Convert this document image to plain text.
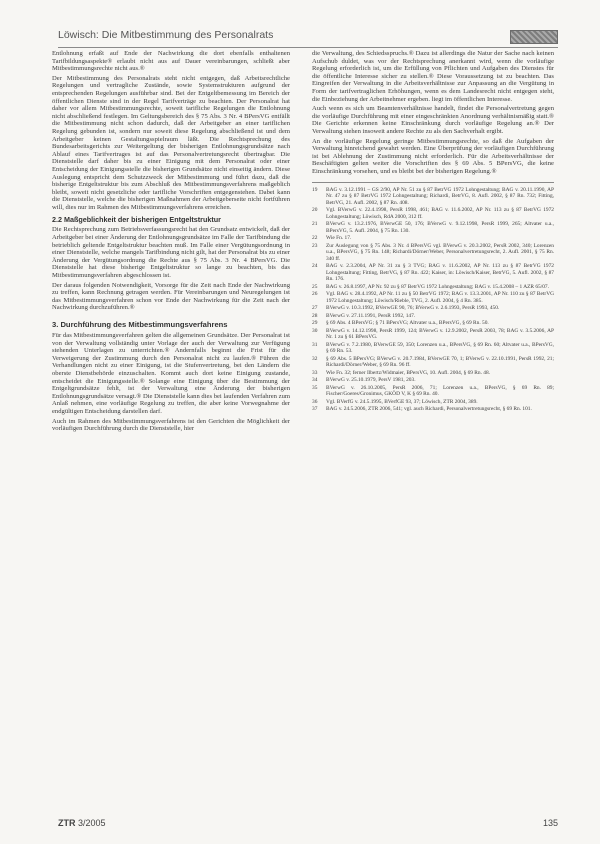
Löwisch: Die Mitbestimmung des Personalrats

Entlohnung erfaßt auf Ende der Nachwirkung die dort ebenfalls enthaltenen Tarifbildungsaspekte® erlaubt nicht aus auf Dauer vereinbarungen, schließt aber Mitbestimmungsrechte nicht aus.®

Der Mitbestimmung des Personalrats steht nicht entgegen, daß Arbeitsrechtliche Regelungen und vertragliche Zustände, sowie Systemstrukturen aufgrund der entsprechenden Regelungen ausführbar sind. Bei der Entgeltbemessung im Bereich der öffentlichen Dienste sind in der Regel Tarifverträge zu beachten. Der Personalrat hat daher vor allem Mitbestimmungsrechte, soweit tarifliche Regelungen die Entlohnung nicht abschließend festlegen. Im Geltungsbereich des § 75 Abs. 3 Nr. 4 BPersVG entfällt die Mitbestimmung nicht schon dadurch, daß der Arbeitgeber an einer tariflichen Regelung gebunden ist, sondern nur soweit diese Regelung abschließend ist und dem Arbeitgeber keinen Gestaltungsspielraum läßt. Die Rechtsprechung des Bundesarbeitsgerichts zur Weitergeltung der bisherigen Entlohnungsgrundsätze nach Ablauf eines Tarifvertrages ist auf das Personalvertretungsrecht übertragbar. Die Dienststelle darf daher bis zu einer Einigung mit dem Personalrat oder einer Entscheidung der Einigungsstelle die bisherigen Grundsätze nicht einseitig ändern. Diese Auslegung entspricht dem Schutzzweck der Mitbestimmung und führt dazu, daß die bisherige Entgeltstruktur bis zum Abschluß des Mitbestimmungsverfahrens maßgeblich bleibt, soweit nicht gesetzliche oder tarifliche Vorschriften entgegenstehen. Dabei kann die Dienststelle, welche die bisherigen Maßnahmen der Arbeitgeberseite nicht fortführen will, dies nur im Rahmen des Mitbestimmungsverfahrens erreichen.

2.2 Maßgeblichkeit der bisherigen Entgeltstruktur

Die Rechtsprechung zum Betriebsverfassungsrecht hat den Grundsatz entwickelt, daß der Arbeitgeber bei einer Änderung der Entlohnungsgrundsätze im Falle der Tarifbindung die betrieblich geltende Entgeltstruktur beachten muß. Im Falle einer Vergütungsordnung in einer Dienststelle, welche mangels Tarifbindung nicht gilt, hat der Personalrat bis zu einer Änderung der Vergütungsordnung die Rechte aus § 75 Abs. 3 Nr. 4 BPersVG. Die Dienststelle hat diese bisherige Entgeltstruktur so lange zu beachten, bis das Mitbestimmungsverfahren abgeschlossen ist.

Der daraus folgenden Notwendigkeit, Vorsorge für die Zeit nach Ende der Nachwirkung zu treffen, kann Rechnung getragen werden. Für Vereinbarungen und Neuregelungen ist das Mitbestimmungsverfahren schon vor Ende der Nachwirkung für die Zeit nach der Nachwirkung durchzuführen.®

3. Durchführung des Mitbestimmungsverfahrens

Für das Mitbestimmungsverfahren gelten die allgemeinen Grundsätze. Der Personalrat ist von der Verwaltung vollständig unter Vorlage der auch der Verwaltung zur Verfügung stehenden Unterlagen zu unterrichten.® Andernfalls beginnt die Frist für die Verweigerung der Zustimmung durch den Personalrat nicht zu laufen.® Führen die Verhandlungen nicht zu einer Einigung, ist die Stufenvertretung, bei den Ländern die oberste Dienstbehörde einzuschalten. Kommt auch dort keine Einigung zustande, entscheidet die Einigungsstelle.® Solange eine Einigung über die Bestimmung der Entgeltgrundsätze fehlt, ist der Verwaltung eine Änderung der bisherigen Entlohnungsgrundsätze versagt.® Die Dienststelle kann dies bei laufenden Verfahren zum Anlaß nehmen, eine vorläufige Regelung zu treffen, die aber keine Vorwegnahme der endgültigen Entscheidung darstellen darf.

Auch im Rahmen des Mitbestimmungsverfahrens ist den Gerichten die Möglichkeit der vorläufigen Durchführung durch die Dienststelle, hier

die Verwaltung, des Schiedsspruchs.® Dazu ist allerdings die Natur der Sache nach keinen Aufschub duldet, was vor der Rechtsprechung anerkannt wird, wenn die vorläufige Regelung erforderlich ist, um die Erfüllung von Pflichten und Aufgaben des Dienstes für die öffentliche Interesse sicher zu stellen.® Diese Voraussetzung ist zu beachten. Das Eingreifen der Verwaltung in die Arbeitsverhältnisse zur Anpassung an die Vergütung in Form der tarifvertraglichen Erhöhungen, wenn es dem Landesrecht nicht entgegen steht, die Einbeziehung der Arbeitnehmer ergeben. liegt im öffentlichen Interesse.

Auch wenn es sich um Beamtenverhältnisse handelt, findet die Personalvertretung gegen die vorläufige Durchführung mit einer eingeschränkten Anordnung verhältnismäßig statt.® Die Gerichte erkennen keine Einschränkung durch vorläufige Regelung an.® Der Verwaltung stehen insoweit andere Rechte zu als den Sachverhalt ergibt.

An die vorläufige Regelung geringe Mitbestimmungsrechte, so daß die Aufgaben der Verwaltung hinreichend gewahrt werden. Eine Überprüfung der vorläufigen Durchführung ist bei Ablehnung der Zustimmung nicht erforderlich. Für die Arbeitsverhältnisse der Beschäftigten gelten weiter die Vorschriften des § 69 Abs. 5 BPersVG, die keine Einschränkung vorsehen, und es bleibt bei der bisherigen Regelung.®

19	BAG v. 3.12.1991 – GS 2/90, AP Nr. 51 zu § 87 BetrVG 1972 Lohngestaltung; BAG v. 20.11.1990, AP Nr. 47 zu § 87 BetrVG 1972 Lohngestaltung; Richardi, BetrVG, 8. Aufl. 2002, § 87 Rn. 732; Fitting, BetrVG, 21. Aufl. 2002, § 87 Rn. 408.
20	Vgl. BVerwG v. 22.4.1998, PersR 1998, 461; BAG v. 11.6.2002, AP Nr. 113 zu § 87 BetrVG 1972 Lohngestaltung; Löwisch, RdA 2000, 312 ff.
21	BVerwG v. 13.2.1976, BVerwGE 50, 176; BVerwG v. 9.12.1998, PersR 1999, 265; Altvater u.a., BPersVG, 5. Aufl. 2004, § 75 Rn. 130.
22	Wie Fn. 17.
23	Zur Auslegung von § 75 Abs. 3 Nr. 4 BPersVG vgl. BVerwG v. 20.3.2002, PersR 2002, 340; Lorenzen u.a., BPersVG, § 75 Rn. 148; Richardi/Dörner/Weber, Personalvertretungsrecht, 2. Aufl. 2001, § 75 Rn. 340 ff.
24	BAG v. 2.3.2004, AP Nr. 31 zu § 3 TVG; BAG v. 11.6.2002, AP Nr. 113 zu § 87 BetrVG 1972 Lohngestaltung; Fitting, BetrVG, § 87 Rn. 422; Kaiser, in: Löwisch/Kaiser, BetrVG, 5. Aufl. 2002, § 87 Rn. 176.
25	BAG v. 26.8.1997, AP Nr. 92 zu § 87 BetrVG 1972 Lohngestaltung; BAG v. 15.4.2008 – 1 AZR 65/07.
26	Vgl. BAG v. 28.4.1992, AP Nr. 11 zu § 50 BetrVG 1972; BAG v. 13.3.2001, AP Nr. 110 zu § 87 BetrVG 1972 Lohngestaltung; Löwisch/Rieble, TVG, 2. Aufl. 2004, § 4 Rn. 385.
27	BVerwG v. 10.3.1992, BVerwGE 90, 76; BVerwG v. 2.6.1993, PersR 1993, 450.
28	BVerwG v. 27.11.1991, PersR 1992, 147.
29	§ 69 Abs. 4 BPersVG; § 71 BPersVG; Altvater u.a., BPersVG, § 69 Rn. 50.
30	BVerwG v. 14.12.1998, PersR 1999, 124; BVerwG v. 12.9.2002, PersR 2003, 78; BAG v. 3.5.2006, AP Nr. 1 zu § 61 BPersVG.
31	BVerwG v. 7.2.1980, BVerwGE 59, 350; Lorenzen u.a., BPersVG, § 69 Rn. 60; Altvater u.a., BPersVG, § 69 Rn. 53.
32	§ 69 Abs. 5 BPersVG; BVerwG v. 20.7.1984, BVerwGE 70, 1; BVerwG v. 22.10.1991, PersR 1992, 21; Richardi/Dörner/Weber, § 69 Rn. 96 ff.
33	Wie Fn. 32; ferner Ilbertz/Widmaier, BPersVG, 10. Aufl. 2004, § 69 Rn. 48.
34	BVerwG v. 25.10.1979, PersV 1981, 203.
35	BVerwG v. 26.10.2005, PersR 2006, 71; Lorenzen u.a., BPersVG, § 69 Rn. 89; Fischer/Goeres/Gronimus, GKÖD V, K § 69 Rn. 40.
36	Vgl. BVerfG v. 24.5.1995, BVerfGE 93, 37; Löwisch, ZTR 2004, 389.
37	BAG v. 24.5.2006, ZTR 2006, 541; vgl. auch Richardi, Personalvertretungsrecht, § 69 Rn. 101.
ZTR 3/2005	135
